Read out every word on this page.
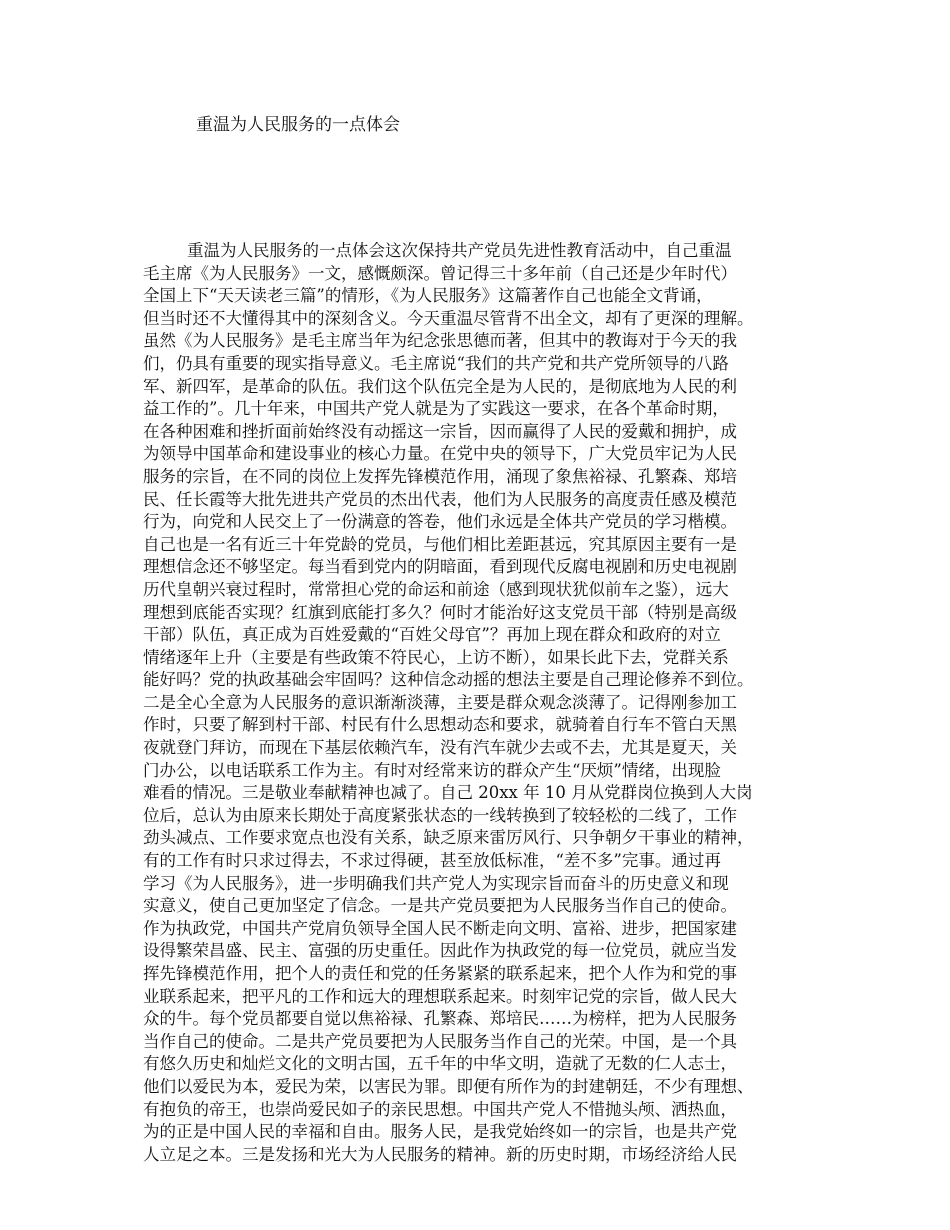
重温为人民服务的一点体会
重温为人民服务的一点体会这次保持共产党员先进性教育活动中，自己重温
毛主席《为人民服务》一文，感慨颇深。曾记得三十多年前（自己还是少年时代）
全国上下“天天读老三篇”的情形，《为人民服务》这篇著作自己也能全文背诵，
但当时还不大懂得其中的深刻含义。今天重温尽管背不出全文，却有了更深的理解。
虽然《为人民服务》是毛主席当年为纪念张思德而著，但其中的教诲对于今天的我
们，仍具有重要的现实指导意义。毛主席说“我们的共产党和共产党所领导的八路
军、新四军，是革命的队伍。我们这个队伍完全是为人民的，是彻底地为人民的利
益工作的”。几十年来，中国共产党人就是为了实践这一要求，在各个革命时期，
在各种困难和挫折面前始终没有动摇这一宗旨，因而赢得了人民的爱戴和拥护，成
为领导中国革命和建设事业的核心力量。在党中央的领导下，广大党员牢记为人民
服务的宗旨，在不同的岗位上发挥先锋模范作用，涌现了象焦裕禄、孔繁森、郑培
民、任长霞等大批先进共产党员的杰出代表，他们为人民服务的高度责任感及模范
行为，向党和人民交上了一份满意的答卷，他们永远是全体共产党员的学习楷模。
自己也是一名有近三十年党龄的党员，与他们相比差距甚远，究其原因主要有一是
理想信念还不够坚定。每当看到党内的阴暗面，看到现代反腐电视剧和历史电视剧
历代皇朝兴衰过程时，常常担心党的命运和前途（感到现状犹似前车之鉴），远大
理想到底能否实现？红旗到底能打多久？何时才能治好这支党员干部（特别是高级
干部）队伍，真正成为百姓爱戴的“百姓父母官”？再加上现在群众和政府的对立
情绪逐年上升（主要是有些政策不符民心，上访不断），如果长此下去，党群关系
能好吗？党的执政基础会牢固吗？这种信念动摇的想法主要是自己理论修养不到位。
二是全心全意为人民服务的意识渐渐淡薄，主要是群众观念淡薄了。记得刚参加工
作时，只要了解到村干部、村民有什么思想动态和要求，就骑着自行车不管白天黑
夜就登门拜访，而现在下基层依赖汽车，没有汽车就少去或不去，尤其是夏天，关
门办公，以电话联系工作为主。有时对经常来访的群众产生“厌烦”情绪，出现脸
难看的情况。三是敬业奉献精神也减了。自己 20xx 年 10 月从党群岗位换到人大岗
位后，总认为由原来长期处于高度紧张状态的一线转换到了较轻松的二线了，工作
劲头减点、工作要求宽点也没有关系，缺乏原来雷厉风行、只争朝夕干事业的精神，
有的工作有时只求过得去，不求过得硬，甚至放低标准，“差不多”完事。通过再
学习《为人民服务》，进一步明确我们共产党人为实现宗旨而奋斗的历史意义和现
实意义，使自己更加坚定了信念。一是共产党员要把为人民服务当作自己的使命。
作为执政党，中国共产党肩负领导全国人民不断走向文明、富裕、进步，把国家建
设得繁荣昌盛、民主、富强的历史重任。因此作为执政党的每一位党员，就应当发
挥先锋模范作用，把个人的责任和党的任务紧紧的联系起来，把个人作为和党的事
业联系起来，把平凡的工作和远大的理想联系起来。时刻牢记党的宗旨，做人民大
众的牛。每个党员都要自觉以焦裕禄、孔繁森、郑培民……为榜样，把为人民服务
当作自己的使命。二是共产党员要把为人民服务当作自己的光荣。中国，是一个具
有悠久历史和灿烂文化的文明古国，五千年的中华文明，造就了无数的仁人志士，
他们以爱民为本，爱民为荣，以害民为罪。即便有所作为的封建朝廷，不少有理想、
有抱负的帝王，也崇尚爱民如子的亲民思想。中国共产党人不惜抛头颅、洒热血，
为的正是中国人民的幸福和自由。服务人民，是我党始终如一的宗旨，也是共产党
人立足之本。三是发扬和光大为人民服务的精神。新的历史时期，市场经济给人民
